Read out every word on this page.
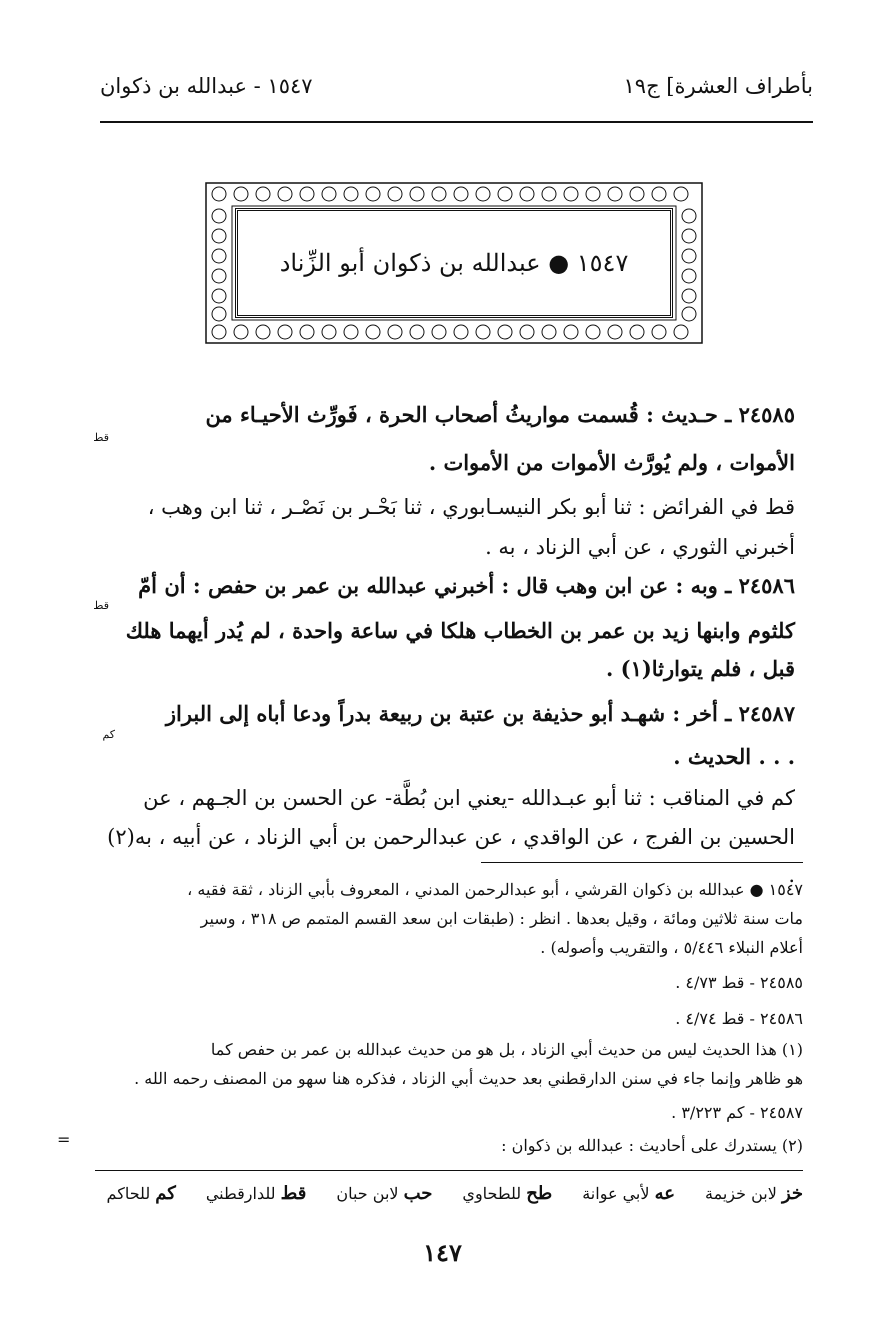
بأطراف العشرة] ج١٩
١٥٤٧ - عبدالله بن ذكوان
١٥٤٧ ● عبدالله بن ذكوان أبو الزِّناد
٢٤٥٨٥ ـ حـديث : قُسمت مواريثُ أصحاب الحرة ، فَورِّث الأحيـاء من
قط
الأموات ، ولم يُورَّث الأموات من الأموات .
قط في الفرائض : ثنا أبو بكر النيسـابوري ، ثنا بَحْـر بن نَصْـر ، ثنا ابن وهب ،
أخبرني الثوري ، عن أبي الزناد ، به .
٢٤٥٨٦ ـ وبه : عن ابن وهب قال : أخبرني عبدالله بن عمر بن حفص : أن أمّ
قط
كلثوم وابنها زيد بن عمر بن الخطاب هلكا في ساعة واحدة ، لم يُدر أيهما هلك
قبل ، فلم يتوارثا(١) .
٢٤٥٨٧ ـ أخر : شهـد أبو حذيفة بن عتبة بن ربيعة بدراً ودعا أباه إلى البراز
كم
. . . الحديث .
كم في المناقب : ثنا أبو عبـدالله -يعني ابن بُطَّة- عن الحسن بن الجـهم ، عن
الحسين بن الفرج ، عن الواقدي ، عن عبدالرحمن بن أبي الزناد ، عن أبيه ، به(٢) .
١٥٤٧ ● عبدالله بن ذكوان القرشي ، أبو عبدالرحمن المدني ، المعروف بأبي الزناد ، ثقة فقيه ،
مات سنة ثلاثين ومائة ، وقيل بعدها . انظر : (طبقات ابن سعد القسم المتمم ص ٣١٨ ، وسير
أعلام النبلاء ٥/٤٤٦ ، والتقريب وأصوله) .
٢٤٥٨٥ - قط ٤/٧٣ .
٢٤٥٨٦ - قط ٤/٧٤ .
(١) هذا الحديث ليس من حديث أبي الزناد ، بل هو من حديث عبدالله بن عمر بن حفص كما
هو ظاهر وإنما جاء في سنن الدارقطني بعد حديث أبي الزناد ، فذكره هنا سهو من المصنف رحمه الله .
٢٤٥٨٧ - كم ٣/٢٢٣ .
(٢) يستدرك على أحاديث : عبدالله بن ذكوان :
=
خز لابن خزيمة
عه لأبي عوانة
طح للطحاوي
حب لابن حبان
قط للدارقطني
كم للحاكم
١٤٧
